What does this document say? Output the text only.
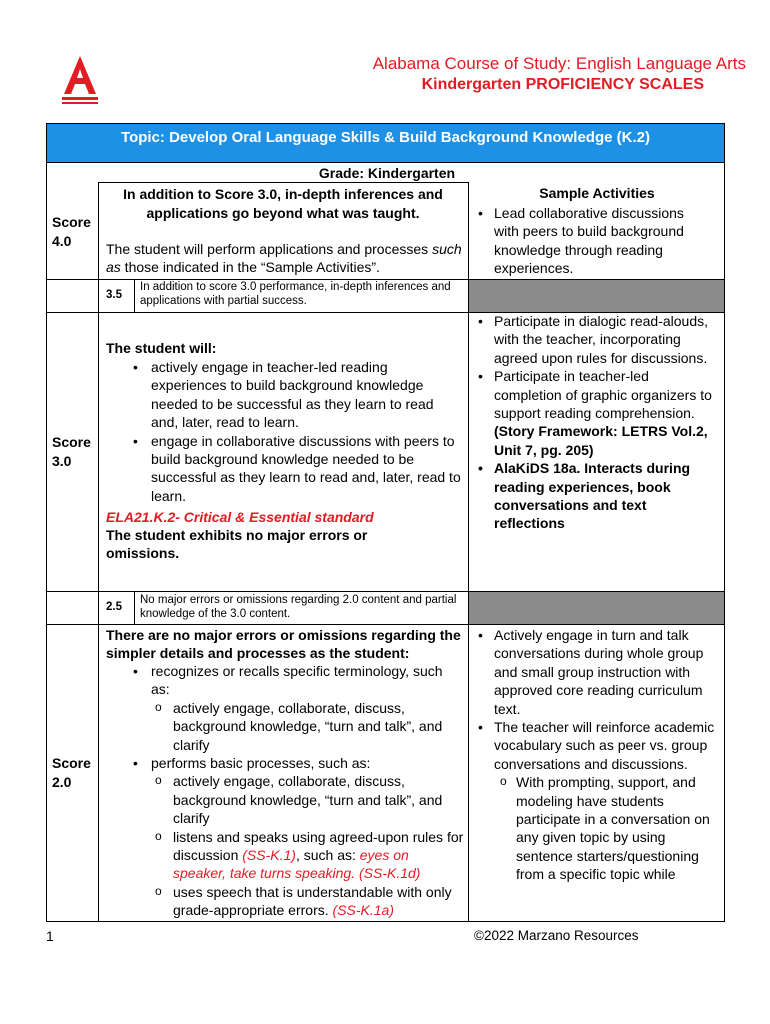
Alabama Course of Study: English Language Arts
Kindergarten PROFICIENCY SCALES
Topic: Develop Oral Language Skills & Build Background Knowledge (K.2)
Grade: Kindergarten
Score 4.0
In addition to Score 3.0, in-depth inferences and applications go beyond what was taught.
The student will perform applications and processes such as those indicated in the “Sample Activities”.
Sample Activities
• Lead collaborative discussions with peers to build background knowledge through reading experiences.
3.5
In addition to score 3.0 performance, in-depth inferences and applications with partial success.
Score 3.0
The student will:
• actively engage in teacher-led reading experiences to build background knowledge needed to be successful as they learn to read and, later, read to learn.
• engage in collaborative discussions with peers to build background knowledge needed to be successful as they learn to read and, later, read to learn.
ELA21.K.2- Critical & Essential standard
The student exhibits no major errors or omissions.
• Participate in dialogic read-alouds, with the teacher, incorporating agreed upon rules for discussions.
• Participate in teacher-led completion of graphic organizers to support reading comprehension. (Story Framework: LETRS Vol.2, Unit 7, pg. 205)
• AlaKiDS 18a. Interacts during reading experiences, book conversations and text reflections
2.5
No major errors or omissions regarding 2.0 content and partial knowledge of the 3.0 content.
Score 2.0
There are no major errors or omissions regarding the simpler details and processes as the student:
• recognizes or recalls specific terminology, such as:
o actively engage, collaborate, discuss, background knowledge, “turn and talk”, and clarify
• performs basic processes, such as:
o actively engage, collaborate, discuss, background knowledge, “turn and talk”, and clarify
o listens and speaks using agreed-upon rules for discussion (SS-K.1), such as: eyes on speaker, take turns speaking. (SS-K.1d)
o uses speech that is understandable with only grade-appropriate errors. (SS-K.1a)
• Actively engage in turn and talk conversations during whole group and small group instruction with approved core reading curriculum text.
• The teacher will reinforce academic vocabulary such as peer vs. group conversations and discussions.
o With prompting, support, and modeling have students participate in a conversation on any given topic by using sentence starters/questioning from a specific topic while
1	©2022 Marzano Resources
